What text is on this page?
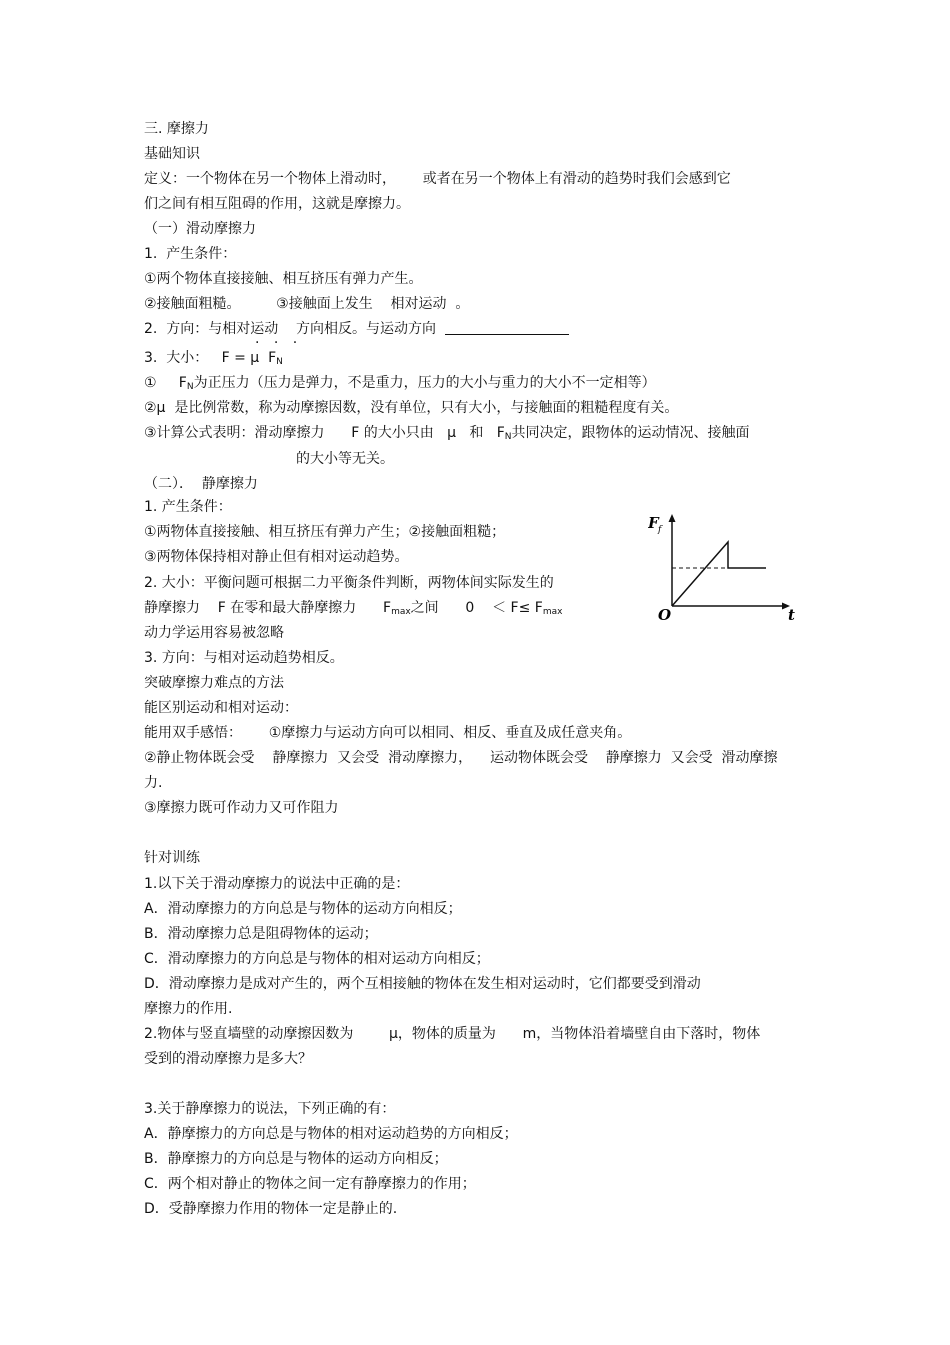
三. 摩擦力
基础知识
定义：一个物体在另一个物体上滑动时，      或者在另一个物体上有滑动的趋势时我们会感到它
们之间有相互阻碍的作用，这就是摩擦力。
（一）滑动摩擦力
1.  产生条件：
①两个物体直接接触、相互挤压有弹力产生。
②接触面粗糙。        ③接触面上发生    相对运动  。
2.  方向：与相对运动    方向相反。与运动方向
· · ·
3.  大小：   F = μ  $F_N$
①     $F_N$为正压力（压力是弹力，不是重力，压力的大小与重力的大小不一定相等）
②μ  是比例常数，称为动摩擦因数，没有单位，只有大小，与接触面的粗糙程度有关。
③计算公式表明：滑动摩擦力      F 的大小只由   μ   和   $F_N$共同决定，跟物体的运动情况、接触面
的大小等无关。
（二）．  静摩擦力
1. 产生条件：
①两物体直接接触、相互挤压有弹力产生；②接触面粗糙；
③两物体保持相对静止但有相对运动趋势。
2. 大小：平衡问题可根据二力平衡条件判断，两物体间实际发生的
静摩擦力    F 在零和最大静摩擦力      $F_{max}$之间      0    ＜ $F\le F_{max}$
动力学运用容易被忽略
3. 方向：与相对运动趋势相反。
突破摩擦力难点的方法
能区别运动和相对运动：
能用双手感悟：      ①摩擦力与运动方向可以相同、相反、垂直及成任意夹角。
②静止物体既会受    静摩擦力  又会受  滑动摩擦力，    运动物体既会受    静摩擦力  又会受  滑动摩擦
力.
③摩擦力既可作动力又可作阻力
针对训练
1.以下关于滑动摩擦力的说法中正确的是：
A．滑动摩擦力的方向总是与物体的运动方向相反；
B．滑动摩擦力总是阻碍物体的运动；
C．滑动摩擦力的方向总是与物体的相对运动方向相反；
D．滑动摩擦力是成对产生的，两个互相接触的物体在发生相对运动时，它们都要受到滑动
摩擦力的作用.
2.物体与竖直墙壁的动摩擦因数为        μ，物体的质量为      m，当物体沿着墙壁自由下落时，物体
受到的滑动摩擦力是多大？
3.关于静摩擦力的说法，下列正确的有：
A．静摩擦力的方向总是与物体的相对运动趋势的方向相反；
B．静摩擦力的方向总是与物体的运动方向相反；
C．两个相对静止的物体之间一定有静摩擦力的作用；
D．受静摩擦力作用的物体一定是静止的.
F f
O	t
